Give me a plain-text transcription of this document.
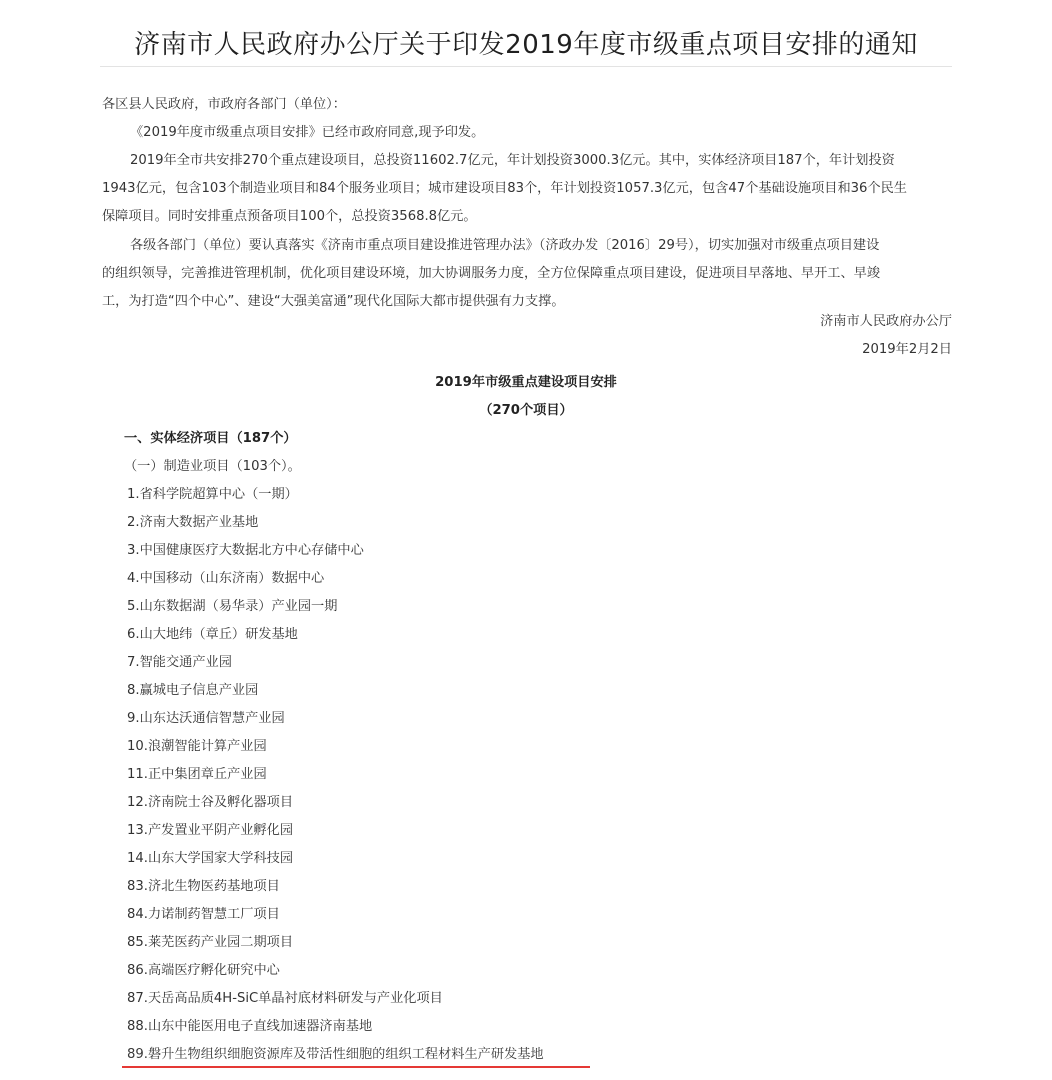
济南市人民政府办公厅关于印发2019年度市级重点项目安排的通知
各区县人民政府，市政府各部门（单位）：
《2019年度市级重点项目安排》已经市政府同意,现予印发。
2019年全市共安排270个重点建设项目，总投资11602.7亿元，年计划投资3000.3亿元。其中，实体经济项目187个，年计划投资
1943亿元，包含103个制造业项目和84个服务业项目；城市建设项目83个，年计划投资1057.3亿元，包含47个基础设施项目和36个民生
保障项目。同时安排重点预备项目100个，总投资3568.8亿元。
各级各部门（单位）要认真落实《济南市重点项目建设推进管理办法》（济政办发〔2016〕29号），切实加强对市级重点项目建设
的组织领导，完善推进管理机制，优化项目建设环境，加大协调服务力度，全方位保障重点项目建设，促进项目早落地、早开工、早竣
工，为打造“四个中心”、建设“大强美富通”现代化国际大都市提供强有力支撑。
济南市人民政府办公厅
2019年2月2日
2019年市级重点建设项目安排
（270个项目）
一、实体经济项目（187个）
（一）制造业项目（103个）。
1.省科学院超算中心（一期）
2.济南大数据产业基地
3.中国健康医疗大数据北方中心存储中心
4.中国移动（山东济南）数据中心
5.山东数据湖（易华录）产业园一期
6.山大地纬（章丘）研发基地
7.智能交通产业园
8.赢城电子信息产业园
9.山东达沃通信智慧产业园
10.浪潮智能计算产业园
11.正中集团章丘产业园
12.济南院士谷及孵化器项目
13.产发置业平阴产业孵化园
14.山东大学国家大学科技园
83.济北生物医药基地项目
84.力诺制药智慧工厂项目
85.莱芜医药产业园二期项目
86.高端医疗孵化研究中心
87.天岳高品质4H-SiC单晶衬底材料研发与产业化项目
88.山东中能医用电子直线加速器济南基地
89.磐升生物组织细胞资源库及带活性细胞的组织工程材料生产研发基地
